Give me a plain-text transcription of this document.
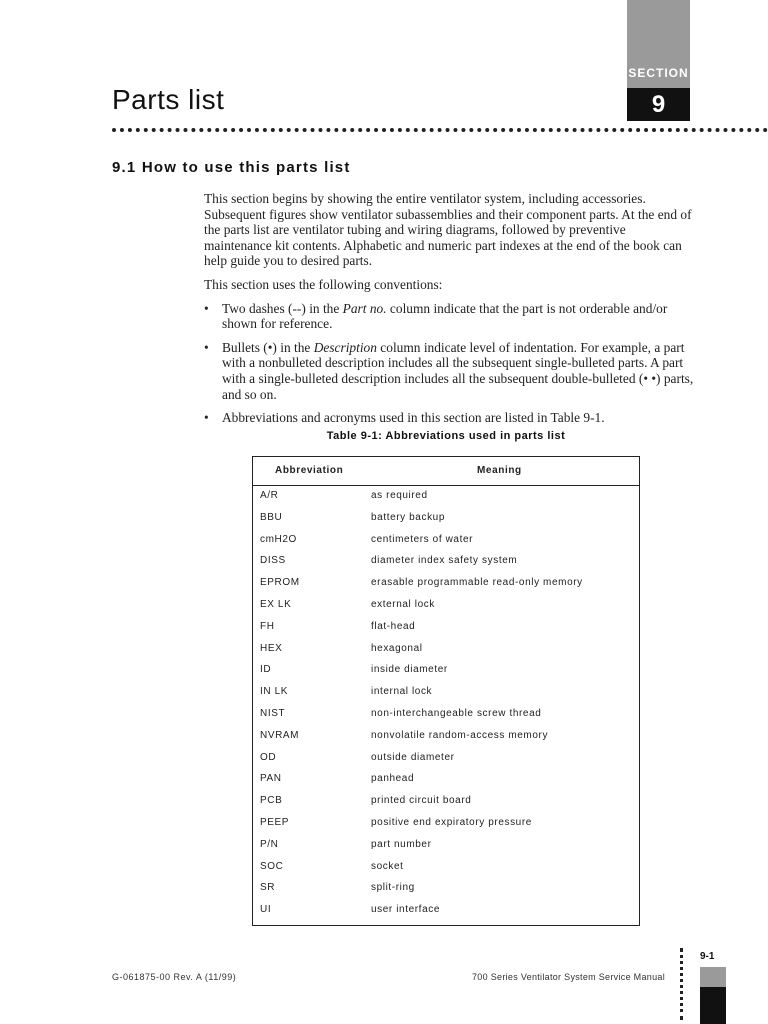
SECTION
9
Parts list
9.1 How to use this parts list

This section begins by showing the entire ventilator system, including accessories. Subsequent figures show ventilator subassemblies and their component parts. At the end of the parts list are ventilator tubing and wiring diagrams, followed by preventive maintenance kit contents. Alphabetic and numeric part indexes at the end of the book can help guide you to desired parts.

This section uses the following conventions:

• Two dashes (--) in the Part no. column indicate that the part is not orderable and/or shown for reference.
• Bullets (•) in the Description column indicate level of indentation. For example, a part with a nonbulleted description includes all the subsequent single-bulleted parts. A part with a single-bulleted description includes all the subsequent double-bulleted (• •) parts, and so on.
• Abbreviations and acronyms used in this section are listed in Table 9-1.
Table 9-1: Abbreviations used in parts list
Abbreviation	Meaning
A/R	as required
BBU	battery backup
cmH2O	centimeters of water
DISS	diameter index safety system
EPROM	erasable programmable read-only memory
EX LK	external lock
FH	flat-head
HEX	hexagonal
ID	inside diameter
IN LK	internal lock
NIST	non-interchangeable screw thread
NVRAM	nonvolatile random-access memory
OD	outside diameter
PAN	panhead
PCB	printed circuit board
PEEP	positive end expiratory pressure
P/N	part number
SOC	socket
SR	split-ring
UI	user interface
9-1
G-061875-00 Rev. A (11/99)	700 Series Ventilator System Service Manual
